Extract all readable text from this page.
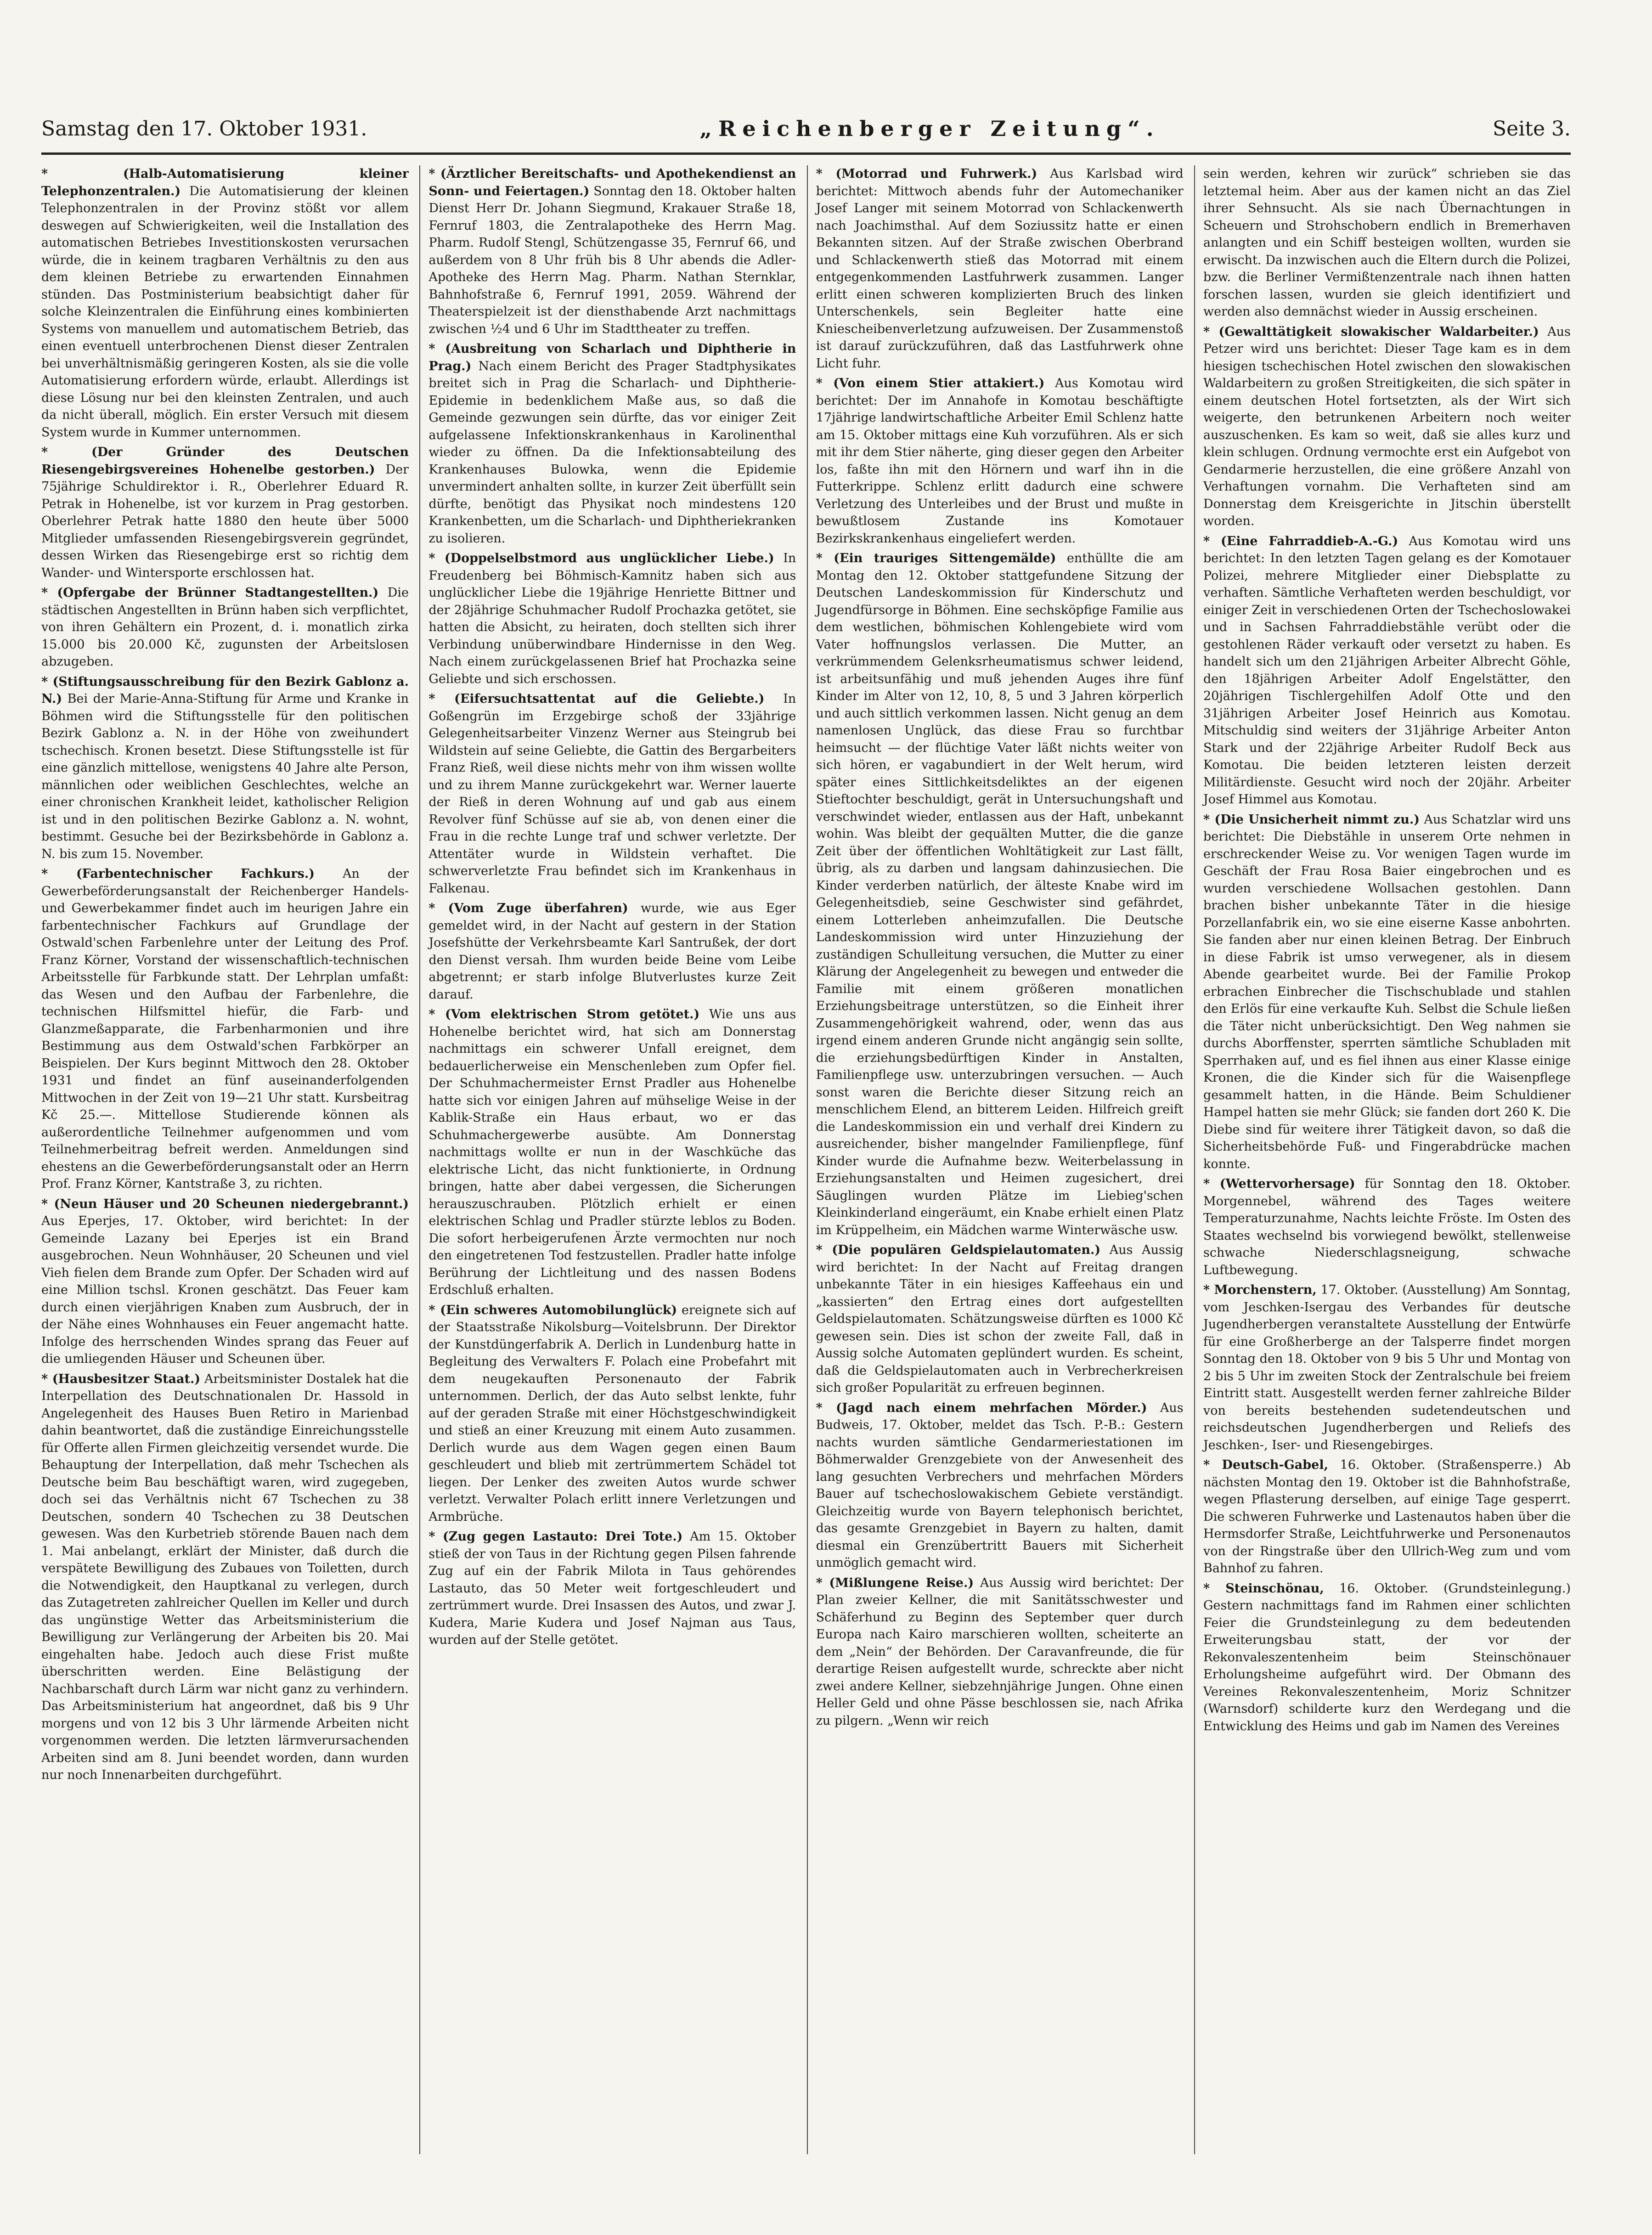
Samstag den 17. Oktober 1931.	„Reichenberger Zeitung“.	Seite 3.

* (Halb-Automatisierung kleiner Telephonzentralen.) Die Automatisierung der kleinen Telephonzentralen in der Provinz stößt vor allem deswegen auf Schwierigkeiten, weil die Installation des automatischen Betriebes Investitionskosten verursachen würde, die in keinem tragbaren Verhältnis zu den aus dem kleinen Betriebe zu erwartenden Einnahmen stünden. Das Postministerium beabsichtigt daher für solche Kleinzentralen die Einführung eines kombinierten Systems von manuellem und automatischem Betrieb, das einen eventuell unterbrochenen Dienst dieser Zentralen bei unverhältnismäßig geringeren Kosten, als sie die volle Automatisierung erfordern würde, erlaubt. Allerdings ist diese Lösung nur bei den kleinsten Zentralen, und auch da nicht überall, möglich. Ein erster Versuch mit diesem System wurde in Kummer unternommen.

* (Der Gründer des Deutschen Riesengebirgsvereines Hohenelbe gestorben.) Der 75jährige Schuldirektor i. R., Oberlehrer Eduard R. Petrak in Hohenelbe, ist vor kurzem in Prag gestorben. Oberlehrer Petrak hatte 1880 den heute über 5000 Mitglieder umfassenden Riesengebirgsverein gegründet, dessen Wirken das Riesengebirge erst so richtig dem Wander- und Wintersporte erschlossen hat.

* (Opfergabe der Brünner Stadtangestellten.) Die städtischen Angestellten in Brünn haben sich verpflichtet, von ihren Gehältern ein Prozent, d. i. monatlich zirka 15.000 bis 20.000 Kč, zugunsten der Arbeitslosen abzugeben.

* (Stiftungsausschreibung für den Bezirk Gablonz a. N.) Bei der Marie-Anna-Stiftung für Arme und Kranke in Böhmen wird die Stiftungsstelle für den politischen Bezirk Gablonz a. N. in der Höhe von zweihundert tschechisch. Kronen besetzt. Diese Stiftungsstelle ist für eine gänzlich mittellose, wenigstens 40 Jahre alte Person, männlichen oder weiblichen Geschlechtes, welche an einer chronischen Krankheit leidet, katholischer Religion ist und in den politischen Bezirke Gablonz a. N. wohnt, bestimmt. Gesuche bei der Bezirksbehörde in Gablonz a. N. bis zum 15. November.

* (Farbentechnischer Fachkurs.) An der Gewerbeförderungsanstalt der Reichenberger Handels- und Gewerbekammer findet auch im heurigen Jahre ein farbentechnischer Fachkurs auf Grundlage der Ostwald'schen Farbenlehre unter der Leitung des Prof. Franz Körner, Vorstand der wissenschaftlich-technischen Arbeitsstelle für Farbkunde statt. Der Lehrplan umfaßt: das Wesen und den Aufbau der Farbenlehre, die technischen Hilfsmittel hiefür, die Farb- und Glanzmeßapparate, die Farbenharmonien und ihre Bestimmung aus dem Ostwald'schen Farbkörper an Beispielen. Der Kurs beginnt Mittwoch den 28. Oktober 1931 und findet an fünf auseinanderfolgenden Mittwochen in der Zeit von 19—21 Uhr statt. Kursbeitrag Kč 25.—. Mittellose Studierende können als außerordentliche Teilnehmer aufgenommen und vom Teilnehmerbeitrag befreit werden. Anmeldungen sind ehestens an die Gewerbeförderungsanstalt oder an Herrn Prof. Franz Körner, Kantstraße 3, zu richten.

* (Neun Häuser und 20 Scheunen niedergebrannt.) Aus Eperjes, 17. Oktober, wird berichtet: In der Gemeinde Lazany bei Eperjes ist ein Brand ausgebrochen. Neun Wohnhäuser, 20 Scheunen und viel Vieh fielen dem Brande zum Opfer. Der Schaden wird auf eine Million tschsl. Kronen geschätzt. Das Feuer kam durch einen vierjährigen Knaben zum Ausbruch, der in der Nähe eines Wohnhauses ein Feuer angemacht hatte. Infolge des herrschenden Windes sprang das Feuer auf die umliegenden Häuser und Scheunen über.

* (Hausbesitzer Staat.) Arbeitsminister Dostalek hat die Interpellation des Deutschnationalen Dr. Hassold in Angelegenheit des Hauses Buen Retiro in Marienbad dahin beantwortet, daß die zuständige Einreichungsstelle für Offerte allen Firmen gleichzeitig versendet wurde. Die Behauptung der Interpellation, daß mehr Tschechen als Deutsche beim Bau beschäftigt waren, wird zugegeben, doch sei das Verhältnis nicht 67 Tschechen zu 38 Deutschen, sondern 40 Tschechen zu 38 Deutschen gewesen. Was den Kurbetrieb störende Bauen nach dem 1. Mai anbelangt, erklärt der Minister, daß durch die verspätete Bewilligung des Zubaues von Toiletten, durch die Notwendigkeit, den Hauptkanal zu verlegen, durch das Zutagetreten zahlreicher Quellen im Keller und durch das ungünstige Wetter das Arbeitsministerium die Bewilligung zur Verlängerung der Arbeiten bis 20. Mai eingehalten habe. Jedoch auch diese Frist mußte überschritten werden. Eine Belästigung der Nachbarschaft durch Lärm war nicht ganz zu verhindern. Das Arbeitsministerium hat angeordnet, daß bis 9 Uhr morgens und von 12 bis 3 Uhr lärmende Arbeiten nicht vorgenommen werden. Die letzten lärmverursachenden Arbeiten sind am 8. Juni beendet worden, dann wurden nur noch Innenarbeiten durchgeführt.

* (Ärztlicher Bereitschafts- und Apothekendienst an Sonn- und Feiertagen.) Sonntag den 18. Oktober halten Dienst Herr Dr. Johann Siegmund, Krakauer Straße 18, Fernruf 1803, die Zentralapotheke des Herrn Mag. Pharm. Rudolf Stengl, Schützengasse 35, Fernruf 66, und außerdem von 8 Uhr früh bis 8 Uhr abends die Adler-Apotheke des Herrn Mag. Pharm. Nathan Sternklar, Bahnhofstraße 6, Fernruf 1991, 2059. Während der Theaterspielzeit ist der diensthabende Arzt nachmittags zwischen ½4 und 6 Uhr im Stadttheater zu treffen.

* (Ausbreitung von Scharlach und Diphtherie in Prag.) Nach einem Bericht des Prager Stadtphysikates breitet sich in Prag die Scharlach- und Diphtherie-Epidemie in bedenklichem Maße aus, so daß die Gemeinde gezwungen sein dürfte, das vor einiger Zeit aufgelassene Infektionskrankenhaus in Karolinenthal wieder zu öffnen. Da die Infektionsabteilung des Krankenhauses Bulowka, wenn die Epidemie unvermindert anhalten sollte, in kurzer Zeit überfüllt sein dürfte, benötigt das Physikat noch mindestens 120 Krankenbetten, um die Scharlach- und Diphtheriekranken zu isolieren.

* (Doppelselbstmord aus unglücklicher Liebe.) In Freudenberg bei Böhmisch-Kamnitz haben sich aus unglücklicher Liebe die 19jährige Henriette Bittner und der 28jährige Schuhmacher Rudolf Prochazka getötet, sie hatten die Absicht, zu heiraten, doch stellten sich ihrer Verbindung unüberwindbare Hindernisse in den Weg. Nach einem zurückgelassenen Brief hat Prochazka seine Geliebte und sich erschossen.

* (Eifersuchtsattentat auf die Geliebte.) In Goßengrün im Erzgebirge schoß der 33jährige Gelegenheitsarbeiter Vinzenz Werner aus Steingrub bei Wildstein auf seine Geliebte, die Gattin des Bergarbeiters Franz Rieß, weil diese nichts mehr von ihm wissen wollte und zu ihrem Manne zurückgekehrt war. Werner lauerte der Rieß in deren Wohnung auf und gab aus einem Revolver fünf Schüsse auf sie ab, von denen einer die Frau in die rechte Lunge traf und schwer verletzte. Der Attentäter wurde in Wildstein verhaftet. Die schwerverletzte Frau befindet sich im Krankenhaus in Falkenau.

* (Vom Zuge überfahren) wurde, wie aus Eger gemeldet wird, in der Nacht auf gestern in der Station Josefshütte der Verkehrsbeamte Karl Santrußek, der dort den Dienst versah. Ihm wurden beide Beine vom Leibe abgetrennt; er starb infolge Blutverlustes kurze Zeit darauf.

* (Vom elektrischen Strom getötet.) Wie uns aus Hohenelbe berichtet wird, hat sich am Donnerstag nachmittags ein schwerer Unfall ereignet, dem bedauerlicherweise ein Menschenleben zum Opfer fiel. Der Schuhmachermeister Ernst Pradler aus Hohenelbe hatte sich vor einigen Jahren auf mühselige Weise in der Kablik-Straße ein Haus erbaut, wo er das Schuhmachergewerbe ausübte. Am Donnerstag nachmittags wollte er nun in der Waschküche das elektrische Licht, das nicht funktionierte, in Ordnung bringen, hatte aber dabei vergessen, die Sicherungen herauszuschrauben. Plötzlich erhielt er einen elektrischen Schlag und Pradler stürzte leblos zu Boden. Die sofort herbeigerufenen Ärzte vermochten nur noch den eingetretenen Tod festzustellen. Pradler hatte infolge Berührung der Lichtleitung und des nassen Bodens Erdschluß erhalten.

* (Ein schweres Automobilunglück) ereignete sich auf der Staatsstraße Nikolsburg—Voitelsbrunn. Der Direktor der Kunstdüngerfabrik A. Derlich in Lundenburg hatte in Begleitung des Verwalters F. Polach eine Probefahrt mit dem neugekauften Personenauto der Fabrik unternommen. Derlich, der das Auto selbst lenkte, fuhr auf der geraden Straße mit einer Höchstgeschwindigkeit und stieß an einer Kreuzung mit einem Auto zusammen. Derlich wurde aus dem Wagen gegen einen Baum geschleudert und blieb mit zertrümmertem Schädel tot liegen. Der Lenker des zweiten Autos wurde schwer verletzt. Verwalter Polach erlitt innere Verletzungen und Armbrüche.

* (Zug gegen Lastauto: Drei Tote.) Am 15. Oktober stieß der von Taus in der Richtung gegen Pilsen fahrende Zug auf ein der Fabrik Milota in Taus gehörendes Lastauto, das 50 Meter weit fortgeschleudert und zertrümmert wurde. Drei Insassen des Autos, und zwar J. Kudera, Marie Kudera und Josef Najman aus Taus, wurden auf der Stelle getötet.

* (Motorrad und Fuhrwerk.) Aus Karlsbad wird berichtet: Mittwoch abends fuhr der Automechaniker Josef Langer mit seinem Motorrad von Schlackenwerth nach Joachimsthal. Auf dem Soziussitz hatte er einen Bekannten sitzen. Auf der Straße zwischen Oberbrand und Schlackenwerth stieß das Motorrad mit einem entgegenkommenden Lastfuhrwerk zusammen. Langer erlitt einen schweren komplizierten Bruch des linken Unterschenkels, sein Begleiter hatte eine Kniescheibenverletzung aufzuweisen. Der Zusammenstoß ist darauf zurückzuführen, daß das Lastfuhrwerk ohne Licht fuhr.

* (Von einem Stier attakiert.) Aus Komotau wird berichtet: Der im Annahofe in Komotau beschäftigte 17jährige landwirtschaftliche Arbeiter Emil Schlenz hatte am 15. Oktober mittags eine Kuh vorzuführen. Als er sich mit ihr dem Stier näherte, ging dieser gegen den Arbeiter los, faßte ihn mit den Hörnern und warf ihn in die Futterkrippe. Schlenz erlitt dadurch eine schwere Verletzung des Unterleibes und der Brust und mußte in bewußtlosem Zustande ins Komotauer Bezirkskrankenhaus eingeliefert werden.

* (Ein trauriges Sittengemälde) enthüllte die am Montag den 12. Oktober stattgefundene Sitzung der Deutschen Landeskommission für Kinderschutz und Jugendfürsorge in Böhmen. Eine sechsköpfige Familie aus dem westlichen, böhmischen Kohlengebiete wird vom Vater hoffnungslos verlassen. Die Mutter, an verkrümmendem Gelenksrheumatismus schwer leidend, ist arbeitsunfähig und muß jehenden Auges ihre fünf Kinder im Alter von 12, 10, 8, 5 und 3 Jahren körperlich und auch sittlich verkommen lassen. Nicht genug an dem namenlosen Unglück, das diese Frau so furchtbar heimsucht — der flüchtige Vater läßt nichts weiter von sich hören, er vagabundiert in der Welt herum, wird später eines Sittlichkeitsdeliktes an der eigenen Stieftochter beschuldigt, gerät in Untersuchungshaft und verschwindet wieder, entlassen aus der Haft, unbekannt wohin. Was bleibt der gequälten Mutter, die die ganze Zeit über der öffentlichen Wohltätigkeit zur Last fällt, übrig, als zu darben und langsam dahinzusiechen. Die Kinder verderben natürlich, der älteste Knabe wird im Gelegenheitsdieb, seine Geschwister sind gefährdet, einem Lotterleben anheimzufallen. Die Deutsche Landeskommission wird unter Hinzuziehung der zuständigen Schulleitung versuchen, die Mutter zu einer Klärung der Angelegenheit zu bewegen und entweder die Familie mit einem größeren monatlichen Erziehungsbeitrage unterstützen, so die Einheit ihrer Zusammengehörigkeit wahrend, oder, wenn das aus irgend einem anderen Grunde nicht angängig sein sollte, die erziehungsbedürftigen Kinder in Anstalten, Familienpflege usw. unterzubringen versuchen. — Auch sonst waren die Berichte dieser Sitzung reich an menschlichem Elend, an bitterem Leiden. Hilfreich greift die Landeskommission ein und verhalf drei Kindern zu ausreichender, bisher mangelnder Familienpflege, fünf Kinder wurde die Aufnahme bezw. Weiterbelassung in Erziehungsanstalten und Heimen zugesichert, drei Säuglingen wurden Plätze im Liebieg'schen Kleinkinderland eingeräumt, ein Knabe erhielt einen Platz im Krüppelheim, ein Mädchen warme Winterwäsche usw.

* (Die populären Geldspielautomaten.) Aus Aussig wird berichtet: In der Nacht auf Freitag drangen unbekannte Täter in ein hiesiges Kaffeehaus ein und „kassierten“ den Ertrag eines dort aufgestellten Geldspielautomaten. Schätzungsweise dürften es 1000 Kč gewesen sein. Dies ist schon der zweite Fall, daß in Aussig solche Automaten geplündert wurden. Es scheint, daß die Geldspielautomaten auch in Verbrecherkreisen sich großer Popularität zu erfreuen beginnen.

* (Jagd nach einem mehrfachen Mörder.) Aus Budweis, 17. Oktober, meldet das Tsch. P.-B.: Gestern nachts wurden sämtliche Gendarmeriestationen im Böhmerwalder Grenzgebiete von der Anwesenheit des lang gesuchten Verbrechers und mehrfachen Mörders Bauer auf tschechoslowakischem Gebiete verständigt. Gleichzeitig wurde von Bayern telephonisch berichtet, das gesamte Grenzgebiet in Bayern zu halten, damit diesmal ein Grenzübertritt Bauers mit Sicherheit unmöglich gemacht wird.

* (Mißlungene Reise.) Aus Aussig wird berichtet: Der Plan zweier Kellner, die mit Sanitätsschwester und Schäferhund zu Beginn des September quer durch Europa nach Kairo marschieren wollten, scheiterte an dem „Nein“ der Behörden. Der Caravanfreunde, die für derartige Reisen aufgestellt wurde, schreckte aber nicht zwei andere Kellner, siebzehnjährige Jungen. Ohne einen Heller Geld und ohne Pässe beschlossen sie, nach Afrika zu pilgern. „Wenn wir reich

sein werden, kehren wir zurück“ schrieben sie das letztemal heim. Aber aus der kamen nicht an das Ziel ihrer Sehnsucht. Als sie nach Übernachtungen in Scheuern und Strohschobern endlich in Bremerhaven anlangten und ein Schiff besteigen wollten, wurden sie erwischt. Da inzwischen auch die Eltern durch die Polizei, bzw. die Berliner Vermißtenzentrale nach ihnen hatten forschen lassen, wurden sie gleich identifiziert und werden also demnächst wieder in Aussig erscheinen.

* (Gewalttätigkeit slowakischer Waldarbeiter.) Aus Petzer wird uns berichtet: Dieser Tage kam es in dem hiesigen tschechischen Hotel zwischen den slowakischen Waldarbeitern zu großen Streitigkeiten, die sich später in einem deutschen Hotel fortsetzten, als der Wirt sich weigerte, den betrunkenen Arbeitern noch weiter auszuschenken. Es kam so weit, daß sie alles kurz und klein schlugen. Ordnung vermochte erst ein Aufgebot von Gendarmerie herzustellen, die eine größere Anzahl von Verhaftungen vornahm. Die Verhafteten sind am Donnerstag dem Kreisgerichte in Jitschin überstellt worden.

* (Eine Fahrraddieb-A.-G.) Aus Komotau wird uns berichtet: In den letzten Tagen gelang es der Komotauer Polizei, mehrere Mitglieder einer Diebsplatte zu verhaften. Sämtliche Verhafteten werden beschuldigt, vor einiger Zeit in verschiedenen Orten der Tschechoslowakei und in Sachsen Fahrraddiebstähle verübt oder die gestohlenen Räder verkauft oder versetzt zu haben. Es handelt sich um den 21jährigen Arbeiter Albrecht Göhle, den 18jährigen Arbeiter Adolf Engelstätter, den 20jährigen Tischlergehilfen Adolf Otte und den 31jährigen Arbeiter Josef Heinrich aus Komotau. Mitschuldig sind weiters der 31jährige Arbeiter Anton Stark und der 22jährige Arbeiter Rudolf Beck aus Komotau. Die beiden letzteren leisten derzeit Militärdienste. Gesucht wird noch der 20jähr. Arbeiter Josef Himmel aus Komotau.

* (Die Unsicherheit nimmt zu.) Aus Schatzlar wird uns berichtet: Die Diebstähle in unserem Orte nehmen in erschreckender Weise zu. Vor wenigen Tagen wurde im Geschäft der Frau Rosa Baier eingebrochen und es wurden verschiedene Wollsachen gestohlen. Dann brachen bisher unbekannte Täter in die hiesige Porzellanfabrik ein, wo sie eine eiserne Kasse anbohrten. Sie fanden aber nur einen kleinen Betrag. Der Einbruch in diese Fabrik ist umso verwegener, als in diesem Abende gearbeitet wurde. Bei der Familie Prokop erbrachen Einbrecher die Tischschublade und stahlen den Erlös für eine verkaufte Kuh. Selbst die Schule ließen die Täter nicht unberücksichtigt. Den Weg nahmen sie durchs Aborffenster, sperrten sämtliche Schubladen mit Sperrhaken auf, und es fiel ihnen aus einer Klasse einige Kronen, die die Kinder sich für die Waisenpflege gesammelt hatten, in die Hände. Beim Schuldiener Hampel hatten sie mehr Glück; sie fanden dort 260 K. Die Diebe sind für weitere ihrer Tätigkeit davon, so daß die Sicherheitsbehörde Fuß- und Fingerabdrücke machen konnte.

* (Wettervorhersage) für Sonntag den 18. Oktober. Morgennebel, während des Tages weitere Temperaturzunahme, Nachts leichte Fröste. Im Osten des Staates wechselnd bis vorwiegend bewölkt, stellenweise schwache Niederschlagsneigung, schwache Luftbewegung.

* Morchenstern, 17. Oktober. (Ausstellung) Am Sonntag, vom Jeschken-Isergau des Verbandes für deutsche Jugendherbergen veranstaltete Ausstellung der Entwürfe für eine Großherberge an der Talsperre findet morgen Sonntag den 18. Oktober von 9 bis 5 Uhr und Montag von 2 bis 5 Uhr im zweiten Stock der Zentralschule bei freiem Eintritt statt. Ausgestellt werden ferner zahlreiche Bilder von bereits bestehenden sudetendeutschen und reichsdeutschen Jugendherbergen und Reliefs des Jeschken-, Iser- und Riesengebirges.

* Deutsch-Gabel, 16. Oktober. (Straßensperre.) Ab nächsten Montag den 19. Oktober ist die Bahnhofstraße, wegen Pflasterung derselben, auf einige Tage gesperrt. Die schweren Fuhrwerke und Lastenautos haben über die Hermsdorfer Straße, Leichtfuhrwerke und Personenautos von der Ringstraße über den Ullrich-Weg zum und vom Bahnhof zu fahren.

* Steinschönau, 16. Oktober. (Grundsteinlegung.) Gestern nachmittags fand im Rahmen einer schlichten Feier die Grundsteinlegung zu dem bedeutenden Erweiterungsbau statt, der vor der Rekonvaleszentenheim beim Steinschönauer Erholungsheime aufgeführt wird. Der Obmann des Vereines Rekonvaleszentenheim, Moriz Schnitzer (Warnsdorf) schilderte kurz den Werdegang und die Entwicklung des Heims und gab im Namen des Vereines
